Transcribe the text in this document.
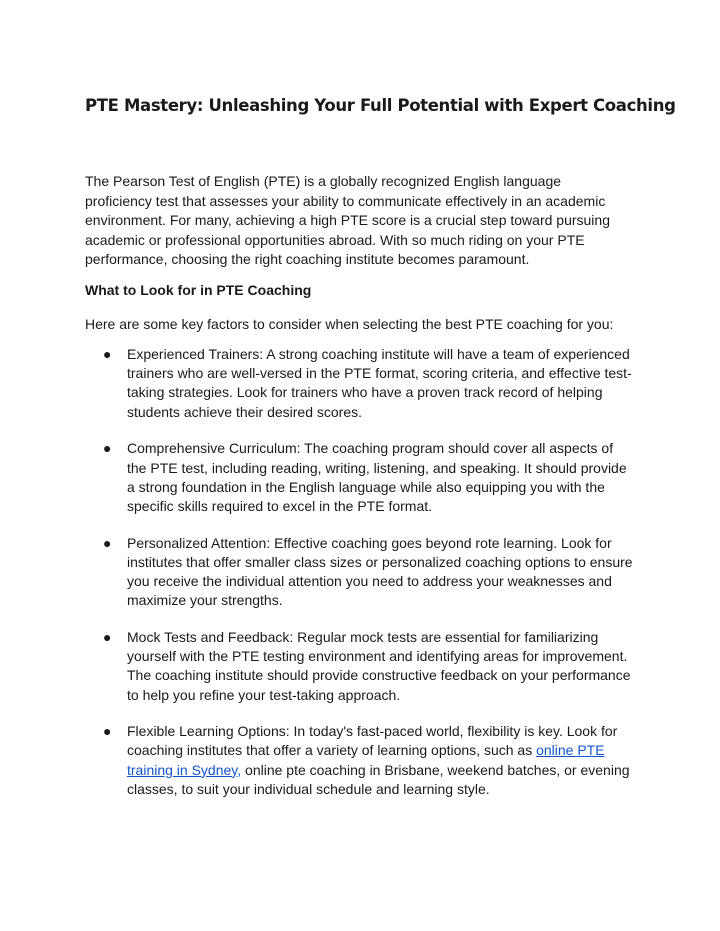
PTE Mastery: Unleashing Your Full Potential with Expert Coaching

The Pearson Test of English (PTE) is a globally recognized English language proficiency test that assesses your ability to communicate effectively in an academic environment. For many, achieving a high PTE score is a crucial step toward pursuing academic or professional opportunities abroad. With so much riding on your PTE performance, choosing the right coaching institute becomes paramount.

What to Look for in PTE Coaching

Here are some key factors to consider when selecting the best PTE coaching for you:

● Experienced Trainers: A strong coaching institute will have a team of experienced trainers who are well-versed in the PTE format, scoring criteria, and effective test-taking strategies. Look for trainers who have a proven track record of helping students achieve their desired scores.
● Comprehensive Curriculum: The coaching program should cover all aspects of the PTE test, including reading, writing, listening, and speaking. It should provide a strong foundation in the English language while also equipping you with the specific skills required to excel in the PTE format.
● Personalized Attention: Effective coaching goes beyond rote learning. Look for institutes that offer smaller class sizes or personalized coaching options to ensure you receive the individual attention you need to address your weaknesses and maximize your strengths.
● Mock Tests and Feedback: Regular mock tests are essential for familiarizing yourself with the PTE testing environment and identifying areas for improvement. The coaching institute should provide constructive feedback on your performance to help you refine your test-taking approach.
● Flexible Learning Options: In today's fast-paced world, flexibility is key. Look for coaching institutes that offer a variety of learning options, such as online PTE training in Sydney, online pte coaching in Brisbane, weekend batches, or evening classes, to suit your individual schedule and learning style.
